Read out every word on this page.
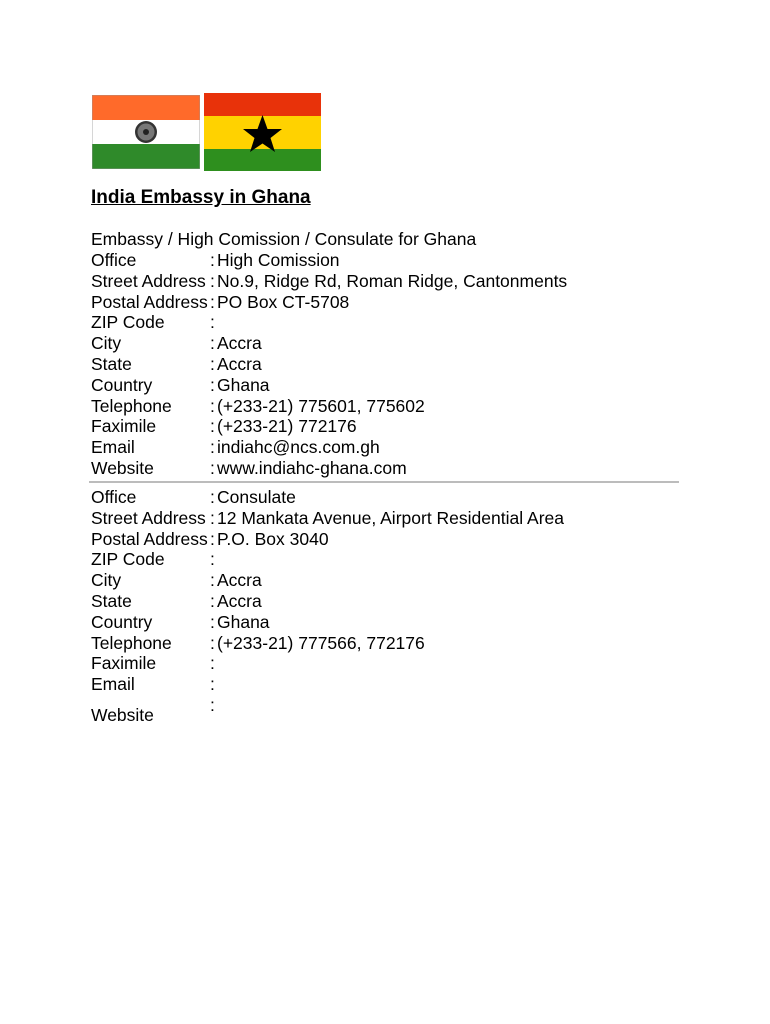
India Embassy in Ghana

Embassy / High Comission / Consulate for Ghana

Office	:	High Comission
Street Address	:	No.9, Ridge Rd, Roman Ridge, Cantonments
Postal Address	:	PO Box CT-5708
ZIP Code	:	
City	:	Accra
State	:	Accra
Country	:	Ghana
Telephone	:	(+233-21) 775601, 775602
Faximile	:	(+233-21) 772176
Email	:	indiahc@ncs.com.gh
Website	:	www.indiahc-ghana.com
Office	:	Consulate
Street Address	:	12 Mankata Avenue, Airport Residential Area
Postal Address	:	P.O. Box 3040
ZIP Code	:	
City	:	Accra
State	:	Accra
Country	:	Ghana
Telephone	:	(+233-21) 777566, 772176
Faximile	:	
Email	:	
Website	:	
